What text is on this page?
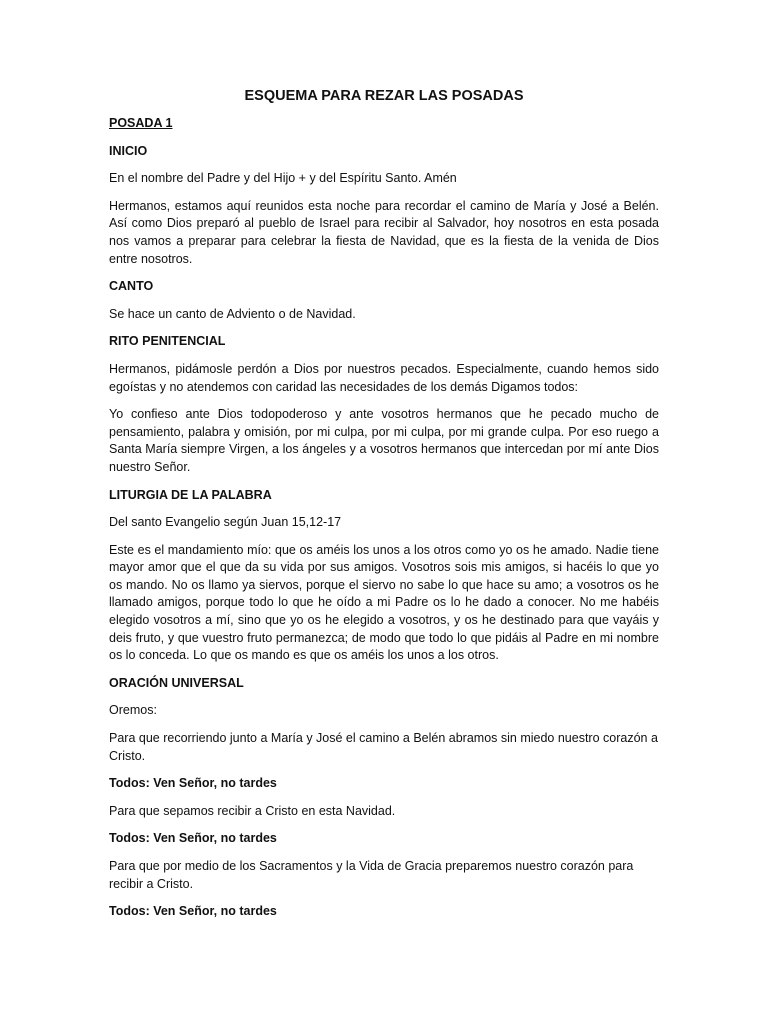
ESQUEMA PARA REZAR LAS POSADAS
POSADA 1
INICIO
En el nombre del Padre y del Hijo + y del Espíritu Santo. Amén
Hermanos, estamos aquí reunidos esta noche para recordar el camino de María y José a Belén. Así como Dios preparó al pueblo de Israel para recibir al Salvador, hoy nosotros en esta posada nos vamos a preparar para celebrar la fiesta de Navidad, que es la fiesta de la venida de Dios entre nosotros.
CANTO
Se hace un canto de Adviento o de Navidad.
RITO PENITENCIAL
Hermanos, pidámosle perdón a Dios por nuestros pecados. Especialmente, cuando hemos sido egoístas y no atendemos con caridad las necesidades de los demás Digamos todos:
Yo confieso ante Dios todopoderoso y ante vosotros hermanos que he pecado mucho de pensamiento, palabra y omisión, por mi culpa, por mi culpa, por mi grande culpa. Por eso ruego a Santa María siempre Virgen, a los ángeles y a vosotros hermanos que intercedan por mí ante Dios nuestro Señor.
LITURGIA DE LA PALABRA
Del santo Evangelio según Juan 15,12-17
Este es el mandamiento mío: que os améis los unos a los otros como yo os he amado. Nadie tiene mayor amor que el que da su vida por sus amigos. Vosotros sois mis amigos, si hacéis lo que yo os mando. No os llamo ya siervos, porque el siervo no sabe lo que hace su amo; a vosotros os he llamado amigos, porque todo lo que he oído a mi Padre os lo he dado a conocer. No me habéis elegido vosotros a mí, sino que yo os he elegido a vosotros, y os he destinado para que vayáis y deis fruto, y que vuestro fruto permanezca; de modo que todo lo que pidáis al Padre en mi nombre os lo conceda. Lo que os mando es que os améis los unos a los otros.
ORACIÓN UNIVERSAL
Oremos:
Para que recorriendo junto a María y José el camino a Belén abramos sin miedo nuestro corazón a Cristo.
Todos: Ven Señor, no tardes
Para que sepamos recibir a Cristo en esta Navidad.
Todos: Ven Señor, no tardes
Para que por medio de los Sacramentos y la Vida de Gracia preparemos nuestro corazón para recibir a Cristo.
Todos: Ven Señor, no tardes
